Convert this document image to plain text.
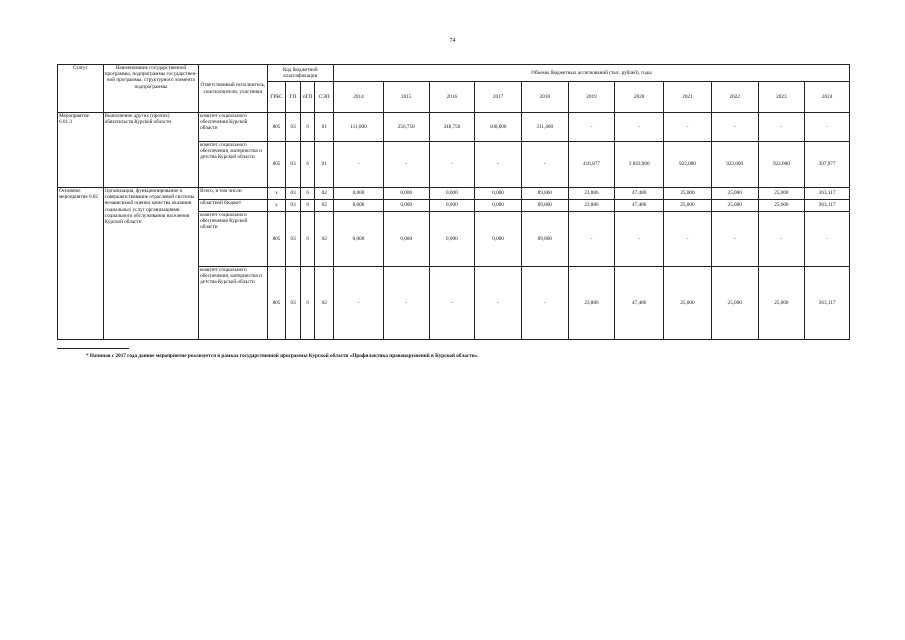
74
Статус	Наименование государственной программы, подпрограммы государствен-ной программы, структурного элемента подпрограммы	Ответственный исполнитель, соисполнители, участники	Код бюджетной классификации				Объемы бюджетных ассигнований (тыс. рублей), годы										
			ГРБС	ГП	пГП	СЭП	2014	2015	2016	2017	2018	2019	2020	2021	2022	2023	2024
Мероприятие 6.01.3	Выполнение других (прочих) обязательств Курской области	комитет социального обеспечения Курской области	805	03	6	01	111,000	256,750	348,750	100,000	311,400	-	-	-	-	-	-
		комитет социального обеспечения, материнства и детства Курской области	805	03	6	01	-	-	-	-	-	416,877	3 043,900	922,000	922,000	922,000	397,977
Основное мероприятие 6.02	Организация, функционирование и совершенствование отраслевой системы независимой оценки качества оказания социальных услуг организациями социального обслуживания населения Курской области	Всего, в том числе:	x	03	6	02	0,000	0,000	0,000	0,000	89,860	23,886	47,486	25,000	25,000	25,000	363,117
		областной бюджет	x	03	6	02	0,000	0,000	0,000	0,000	89,860	23,886	47,486	25,000	25,000	25,000	363,117
		комитет социального обеспечения Курской области	805	03	6	02	0,000	0,000	0,000	0,000	89,860	-	-	-	-	-	-
		комитет социального обеспечения, материнства и детства Курской области	805	03	6	02	-	-	-	-	-	23,886	47,486	25,000	25,000	25,000	363,117
* Начиная с 2017 года данное мероприятие реализуется в рамках государственной программы Курской области «Профилактика правонарушений в Курской области».
